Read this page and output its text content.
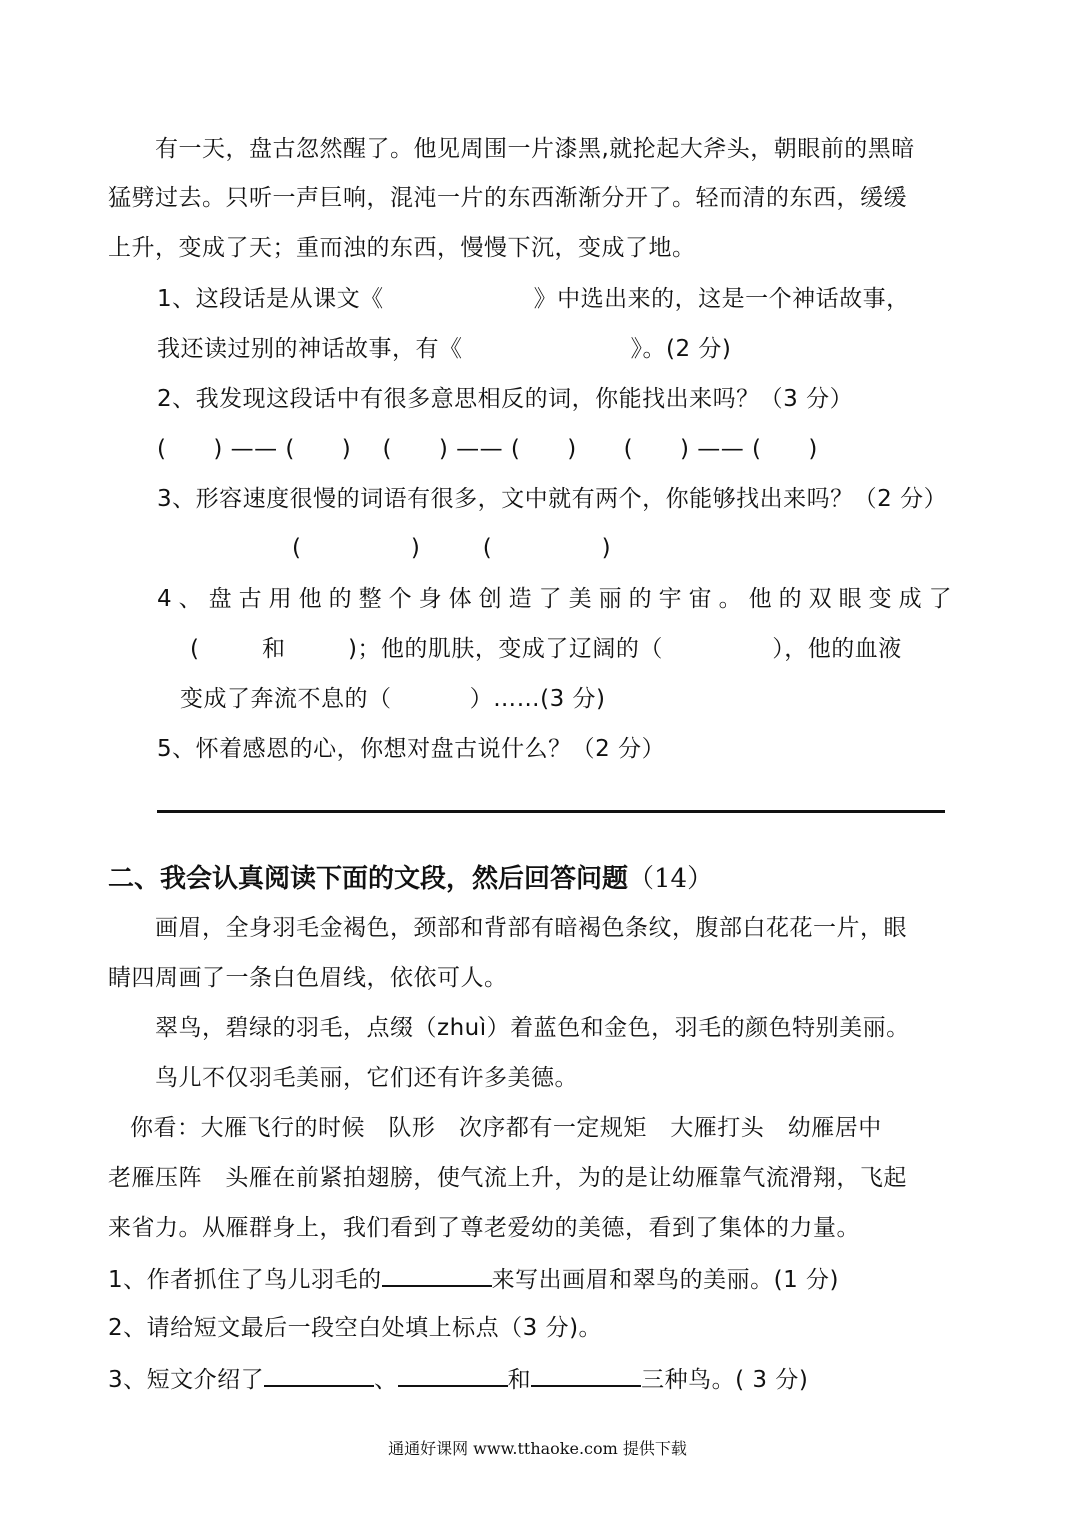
有一天，盘古忽然醒了。他见周围一片漆黑,就抡起大斧头，朝眼前的黑暗
猛劈过去。只听一声巨响，混沌一片的东西渐渐分开了。轻而清的东西，缓缓
上升，变成了天；重而浊的东西，慢慢下沉，变成了地。
1、这段话是从课文《	》中选出来的，这是一个神话故事，
我还读过别的神话故事，有《	》。(2 分)
2、我发现这段话中有很多意思相反的词，你能找出来吗？（3 分）
(      ) —— (      )    (      ) —— (      )      (      ) —— (      )
3、形容速度很慢的词语有很多，文中就有两个，你能够找出来吗？（2 分）
(              )        (              )
4、盘古用他的整个身体创造了美丽的宇宙。他的双眼变成了
(        和        )；他的肌肤，变成了辽阔的（              ），他的血液
变成了奔流不息的（          ）……(3 分)
5、怀着感恩的心，你想对盘古说什么？（2 分）
二、我会认真阅读下面的文段，然后回答问题（14）
画眉，全身羽毛金褐色，颈部和背部有暗褐色条纹，腹部白花花一片，眼
睛四周画了一条白色眉线，依依可人。
翠鸟，碧绿的羽毛，点缀（zhuì）着蓝色和金色，羽毛的颜色特别美丽。
鸟儿不仅羽毛美丽，它们还有许多美德。
你看：大雁飞行的时候   队形   次序都有一定规矩   大雁打头   幼雁居中
老雁压阵   头雁在前紧拍翅膀，使气流上升，为的是让幼雁靠气流滑翔，飞起
来省力。从雁群身上，我们看到了尊老爱幼的美德，看到了集体的力量。
1、作者抓住了鸟儿羽毛的	来写出画眉和翠鸟的美丽。(1 分)
2、请给短文最后一段空白处填上标点（3 分)。
3、短文介绍了	、	和	三种鸟。( 3 分)
通通好课网 www.tthaoke.com 提供下载
